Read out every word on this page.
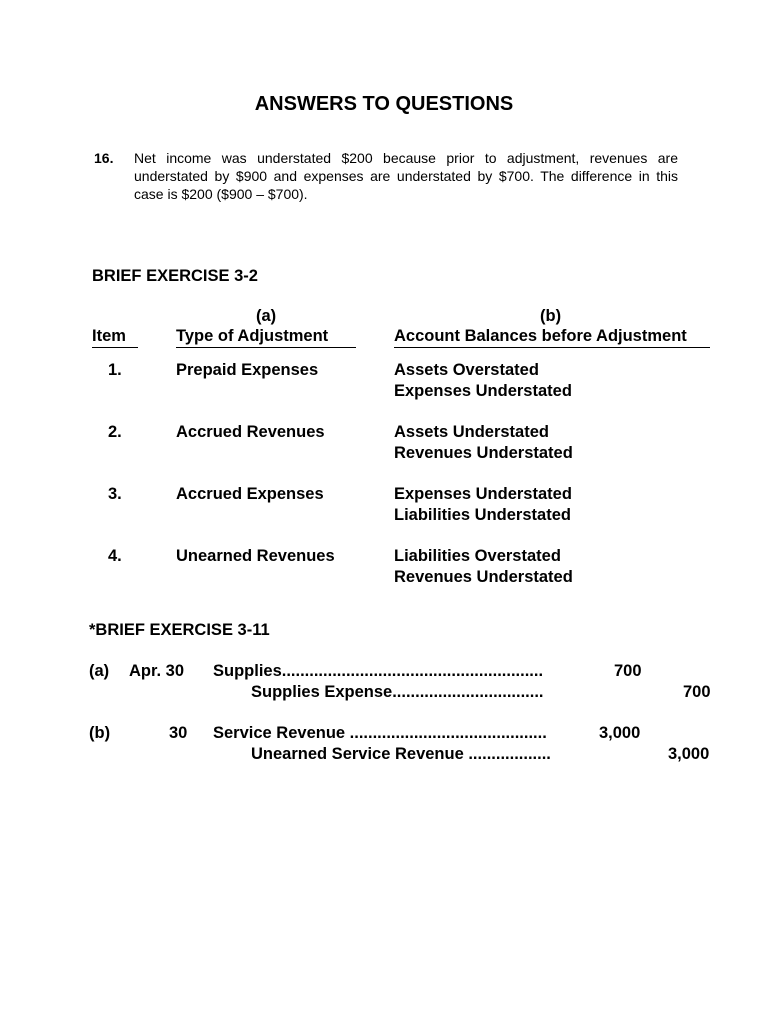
ANSWERS TO QUESTIONS
16. Net income was understated $200 because prior to adjustment, revenues are understated by $900 and expenses are understated by $700. The difference in this case is $200 ($900 – $700).
BRIEF EXERCISE 3-2
(a)	(b)
Item	Type of Adjustment	Account Balances before Adjustment
1.	Prepaid Expenses	Assets Overstated
Expenses Understated
2.	Accrued Revenues	Assets Understated
Revenues Understated
3.	Accrued Expenses	Expenses Understated
Liabilities Understated
4.	Unearned Revenues	Liabilities Overstated
Revenues Understated
*BRIEF EXERCISE 3-11
(a) Apr. 30 Supplies.........................................................	700
Supplies Expense.................................	700
(b)	30 Service Revenue ...........................................	3,000
Unearned Service Revenue ..................	3,000
